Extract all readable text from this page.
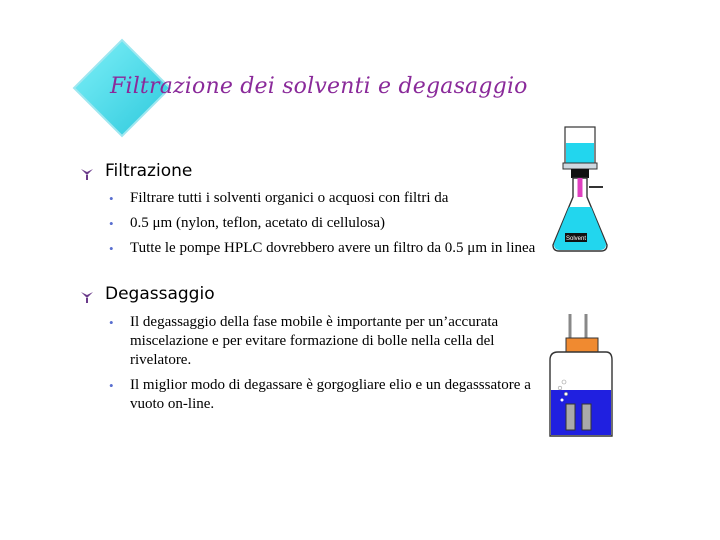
Filtrazione dei solventi e degasaggio
Filtrazione
• Filtrare tutti i solventi organici o acquosi con filtri da
• 0.5 μm (nylon, teflon, acetato di cellulosa)
• Tutte le pompe HPLC dovrebbero avere un filtro da 0.5 μm in linea
Degassaggio
• Il degassaggio della fase mobile è importante per un’accurata miscelazione e per evitare formazione di bolle nella cella del rivelatore.
• Il miglior modo di degassare è gorgogliare elio e un degasssatore a vuoto on-line.
Solvent
